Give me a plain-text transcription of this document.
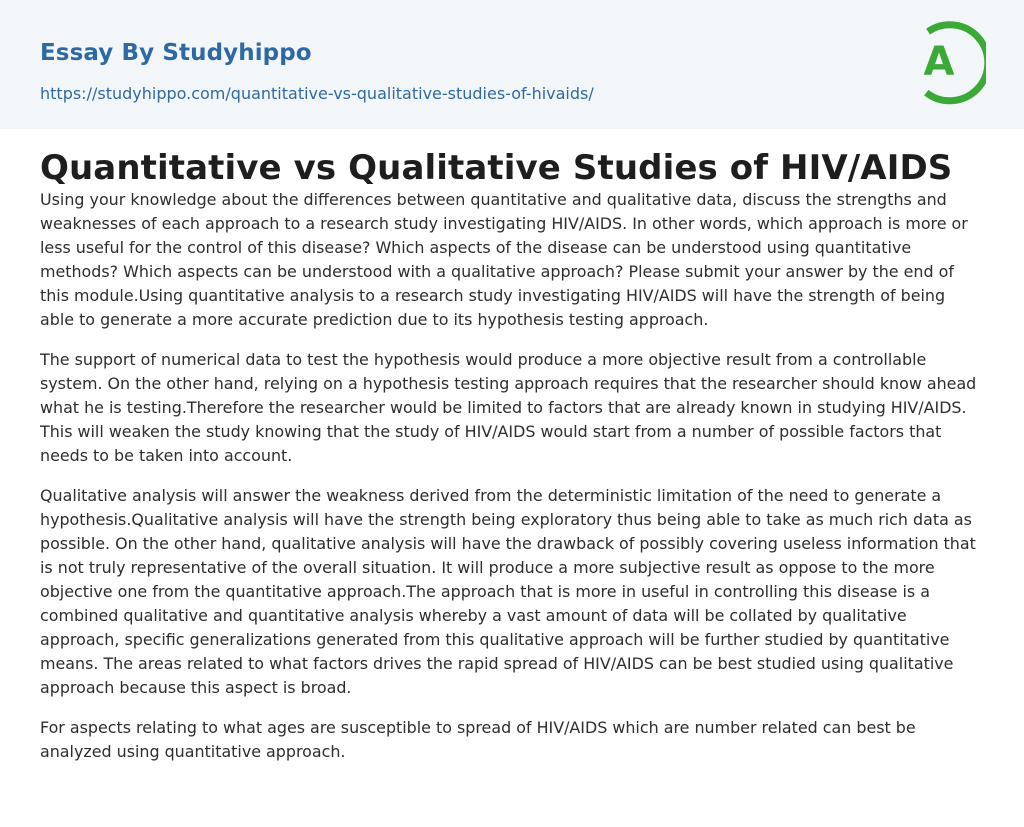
Essay By Studyhippo
https://studyhippo.com/quantitative-vs-qualitative-studies-of-hivaids/
A
Quantitative vs Qualitative Studies of HIV/AIDS

Using your knowledge about the differences between quantitative and qualitative data, discuss the strengths and weaknesses of each approach to a research study investigating HIV/AIDS. In other words, which approach is more or less useful for the control of this disease? Which aspects of the disease can be understood using quantitative methods? Which aspects can be understood with a qualitative approach? Please submit your answer by the end of this module.Using quantitative analysis to a research study investigating HIV/AIDS will have the strength of being able to generate a more accurate prediction due to its hypothesis testing approach.

The support of numerical data to test the hypothesis would produce a more objective result from a controllable system. On the other hand, relying on a hypothesis testing approach requires that the researcher should know ahead what he is testing.Therefore the researcher would be limited to factors that are already known in studying HIV/AIDS. This will weaken the study knowing that the study of HIV/AIDS would start from a number of possible factors that needs to be taken into account.

Qualitative analysis will answer the weakness derived from the deterministic limitation of the need to generate a hypothesis.Qualitative analysis will have the strength being exploratory thus being able to take as much rich data as possible. On the other hand, qualitative analysis will have the drawback of possibly covering useless information that is not truly representative of the overall situation. It will produce a more subjective result as oppose to the more objective one from the quantitative approach.The approach that is more in useful in controlling this disease is a combined qualitative and quantitative analysis whereby a vast amount of data will be collated by qualitative approach, specific generalizations generated from this qualitative approach will be further studied by quantitative means. The areas related to what factors drives the rapid spread of HIV/AIDS can be best studied using qualitative approach because this aspect is broad.

For aspects relating to what ages are susceptible to spread of HIV/AIDS which are number related can best be analyzed using quantitative approach.
